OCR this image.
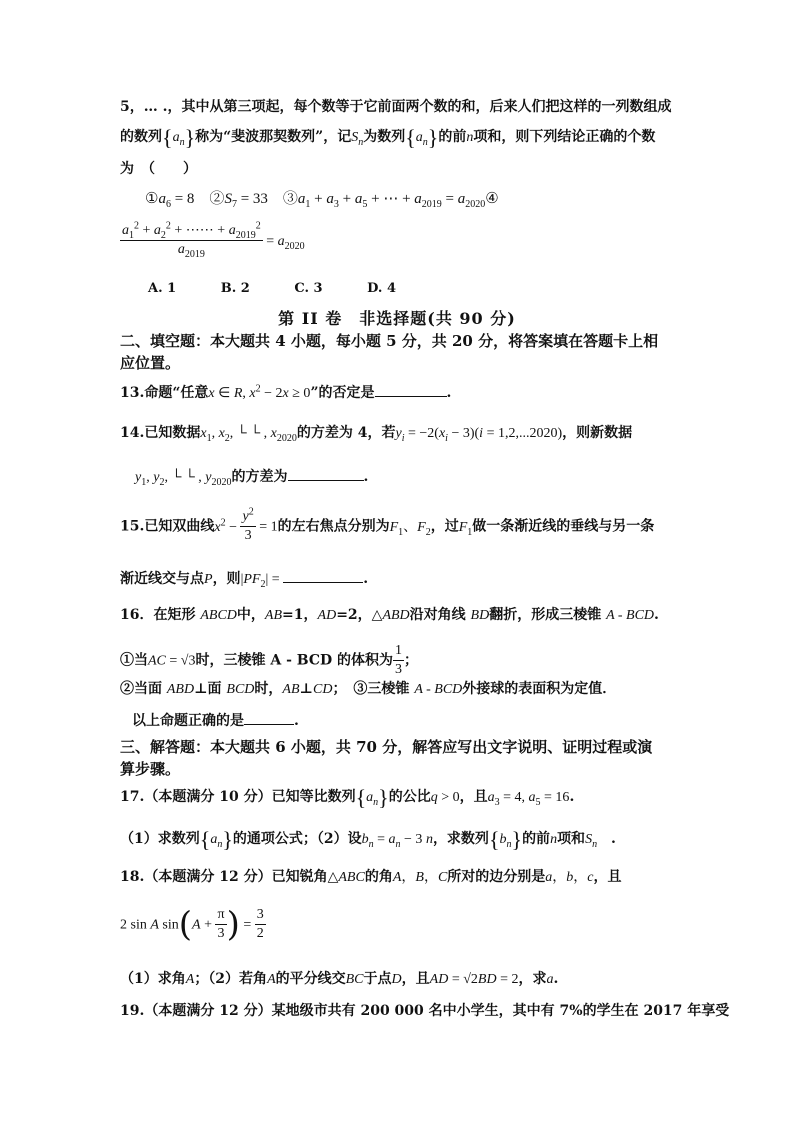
5，… .，其中从第三项起，每个数等于它前面两个数的和，后来人们把这样的一列数组成
的数列$\{a_n\}$称为“斐波那契数列”，记$S_n$为数列$\{a_n\}$的前n项和，则下列结论正确的个数
为　（　　）
$①a_6 = 8$　$②S_7 = 33$　$③a_1 + a_3 + a_5$ + ⋯ + $a_{2019}$ = $a_{2020}④$
$\frac{a_1^2 + a_2^2 + \cdots\cdots + a_{2019}^2}{a_{2019}} = a_{2020}$
A. 1	B. 2	C. 3	D. 4
第 II 卷　非选择题(共 90 分)
二、填空题：本大题共 4 小题，每小题 5 分，共 20 分，将答案填在答题卡上相
应位置。
13.命题“任意x ∈ R, $x^2 - 2x \ge 0$”的否定是	.
14.已知数据$x_1$, $x_2$, └ └ , $x_{2020}$的方差为 4，若$y_i = -2(x_i - 3)(i = 1,2,...2020)$，则新数据
$y_1$, $y_2$, └ └ , $y_{2020}$的方差为	.
15.已知双曲线$x^2 - \frac{y^2}{3} = 1$的左右焦点分别为$F_1$、$F_2$，过$F_1$做一条渐近线的垂线与另一条
渐近线交与点P，则$|PF_2|$ =	.
16．在矩形 ABCD中，AB=1，AD=2，△ABD沿对角线 BD翻折，形成三棱锥 A - BCD.
①当AC = √3时，三棱锥 A - BCD 的体积为 $\frac{1}{3}$ ；
②当面 ABD⊥面 BCD时，AB⊥CD；　③三棱锥 A - BCD外接球的表面积为定值．
以上命题正确的是	.
三、解答题：本大题共 6 小题，共 70 分，解答应写出文字说明、证明过程或演
算步骤。
17.（本题满分 10 分）已知等比数列$\{a_n\}$的公比q > 0，且$a_3 = 4$, $a_5 = 16$.
（1）求数列$\{a_n\}$的通项公式；（2）设$b_n = a_n - 3$ n，求数列$\{b_n\}$的前n项和$S_n$　.
18.（本题满分 12 分）已知锐角△ABC的角A，B，C所对的边分别是a，b，c，且
2 sin A $\sin(A + \frac{\pi}{3}$ ) = $\frac{3}{2}$
（1）求角A；（2）若角A的平分线交BC于点D，且AD = √2BD = 2，求a.
19.（本题满分 12 分）某地级市共有 200 000 名中小学生，其中有 7%的学生在 2017 年享受
